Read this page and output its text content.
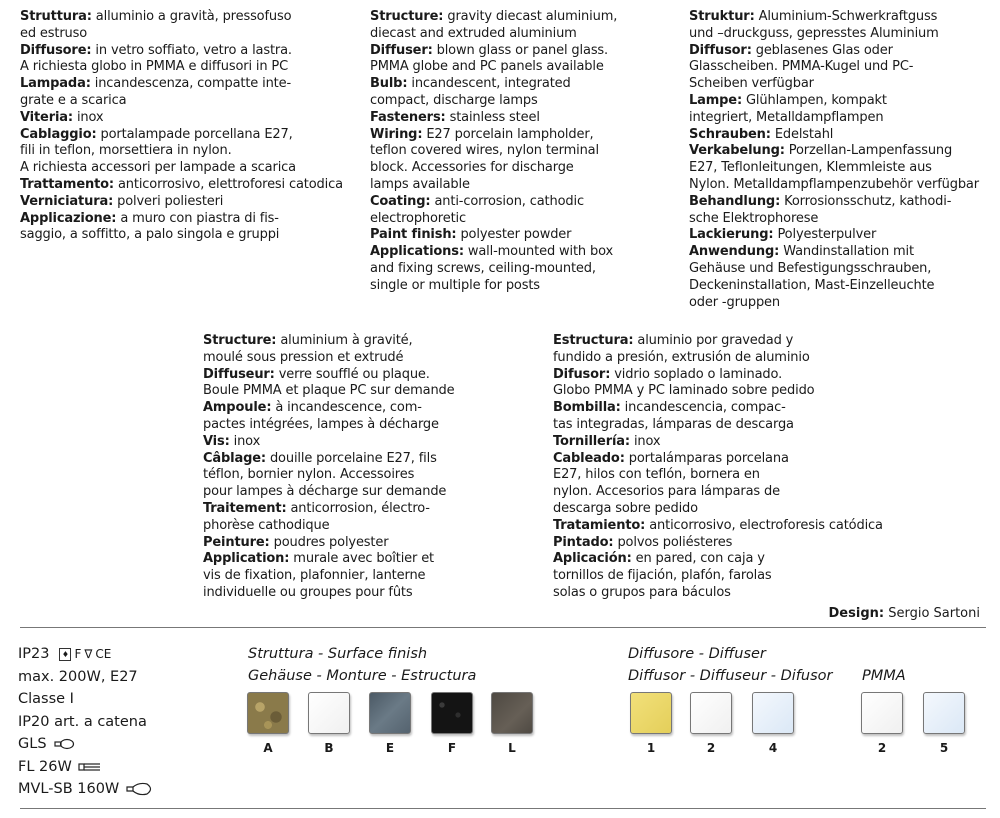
Struttura: alluminio a gravità, pressofuso

ed estruso

Diffusore: in vetro soffiato, vetro a lastra.

A richiesta globo in PMMA e diffusori in PC

Lampada: incandescenza, compatte inte-

grate e a scarica

Viteria: inox

Cablaggio: portalampade porcellana E27,

fili in teflon, morsettiera in nylon.

A richiesta accessori per lampade a scarica

Trattamento: anticorrosivo, elettroforesi catodica

Verniciatura: polveri poliesteri

Applicazione: a muro con piastra di fis-

saggio, a soffitto, a palo singola e gruppi

Structure: gravity diecast aluminium,

diecast and extruded aluminium

Diffuser: blown glass or panel glass.

PMMA globe and PC panels available

Bulb: incandescent, integrated

compact, discharge lamps

Fasteners: stainless steel

Wiring: E27 porcelain lampholder,

teflon covered wires, nylon terminal

block. Accessories for discharge

lamps available

Coating: anti-corrosion, cathodic

electrophoretic

Paint finish: polyester powder

Applications: wall-mounted with box

and fixing screws, ceiling-mounted,

single or multiple for posts

Struktur: Aluminium-Schwerkraftguss

und –druckguss, gepresstes Aluminium

Diffusor: geblasenes Glas oder

Glasscheiben. PMMA-Kugel und PC-

Scheiben verfügbar

Lampe: Glühlampen, kompakt

integriert, Metalldampflampen

Schrauben: Edelstahl

Verkabelung: Porzellan-Lampenfassung

E27, Teflonleitungen, Klemmleiste aus

Nylon. Metalldampflampenzubehör verfügbar

Behandlung: Korrosionsschutz, kathodi-

sche Elektrophorese

Lackierung: Polyesterpulver

Anwendung: Wandinstallation mit

Gehäuse und Befestigungsschrauben,

Deckeninstallation, Mast-Einzelleuchte

oder -gruppen

Structure: aluminium à gravité,

moulé sous pression et extrudé

Diffuseur: verre soufflé ou plaque.

Boule PMMA et plaque PC sur demande

Ampoule: à incandescence, com-

pactes intégrées, lampes à décharge

Vis: inox

Câblage: douille porcelaine E27, fils

téflon, bornier nylon. Accessoires

pour lampes à décharge sur demande

Traitement: anticorrosion, électro-

phorèse cathodique

Peinture: poudres polyester

Application: murale avec boîtier et

vis de fixation, plafonnier, lanterne

individuelle ou groupes pour fûts

Estructura: aluminio por gravedad y

fundido a presión, extrusión de aluminio

Difusor: vidrio soplado o laminado.

Globo PMMA y PC laminado sobre pedido

Bombilla: incandescencia, compac-

tas integradas, lámparas de descarga

Tornillería: inox

Cableado: portalámparas porcelana

E27, hilos con teflón, bornera en

nylon. Accesorios para lámparas de

descarga sobre pedido

Tratamiento: anticorrosivo, electroforesis catódica

Pintado: polvos poliésteres

Aplicación: en pared, con caja y

tornillos de fijación, plafón, farolas

solas o grupos para báculos

Design: Sergio Sartoni
IP23	♦ F ∇ CE
max. 200W, E27
Classe I
IP20 art. a catena
GLS
FL 26W
MVL-SB 160W
Struttura - Surface finish
Gehäuse - Monture - Estructura
Diffusore - Diffuser
Diffusor - Diffuseur - Difusor PMMA
A	B	E	F	L	1	2	4	2	5
